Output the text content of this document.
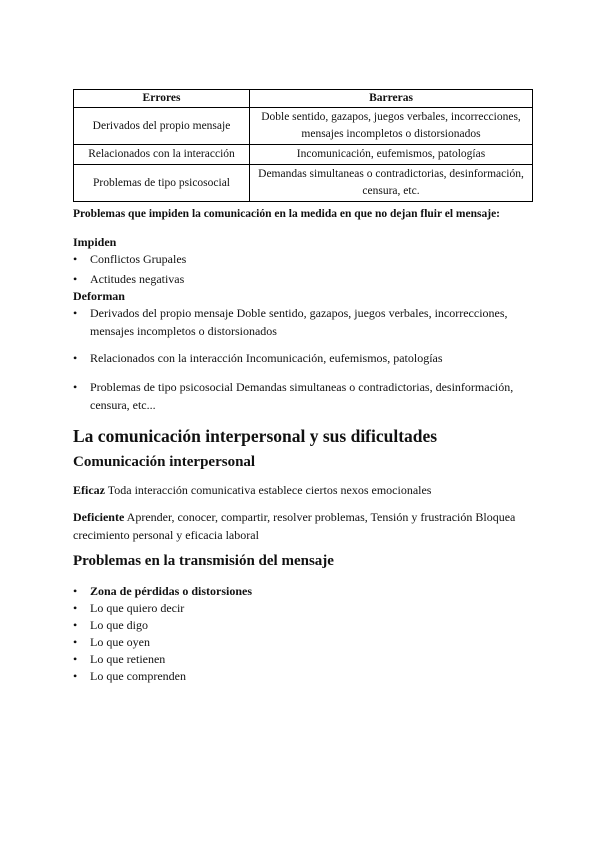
Errores	Barreras
Derivados del propio mensaje	Doble sentido, gazapos, juegos verbales, incorrecciones, mensajes incompletos o distorsionados
Relacionados con la interacción	Incomunicación, eufemismos, patologías
Problemas de tipo psicosocial	Demandas simultaneas o contradictorias, desinformación, censura, etc.
Problemas que impiden la comunicación en la medida en que no dejan fluir el mensaje:
Impiden
•	Conflictos Grupales
•	Actitudes negativas
Deforman
•	Derivados del propio mensaje Doble sentido, gazapos, juegos verbales, incorrecciones, mensajes incompletos o distorsionados
•	Relacionados con la interacción Incomunicación, eufemismos, patologías
•	Problemas de tipo psicosocial Demandas simultaneas o contradictorias, desinformación, censura, etc...
La comunicación interpersonal y sus dificultades
Comunicación interpersonal

Eficaz Toda interacción comunicativa establece ciertos nexos emocionales

Deficiente Aprender, conocer, compartir, resolver problemas, Tensión y frustración Bloquea crecimiento personal y eficacia laboral

Problemas en la transmisión del mensaje
•	Zona de pérdidas o distorsiones
•	Lo que quiero decir
•	Lo que digo
•	Lo que oyen
•	Lo que retienen
•	Lo que comprenden
